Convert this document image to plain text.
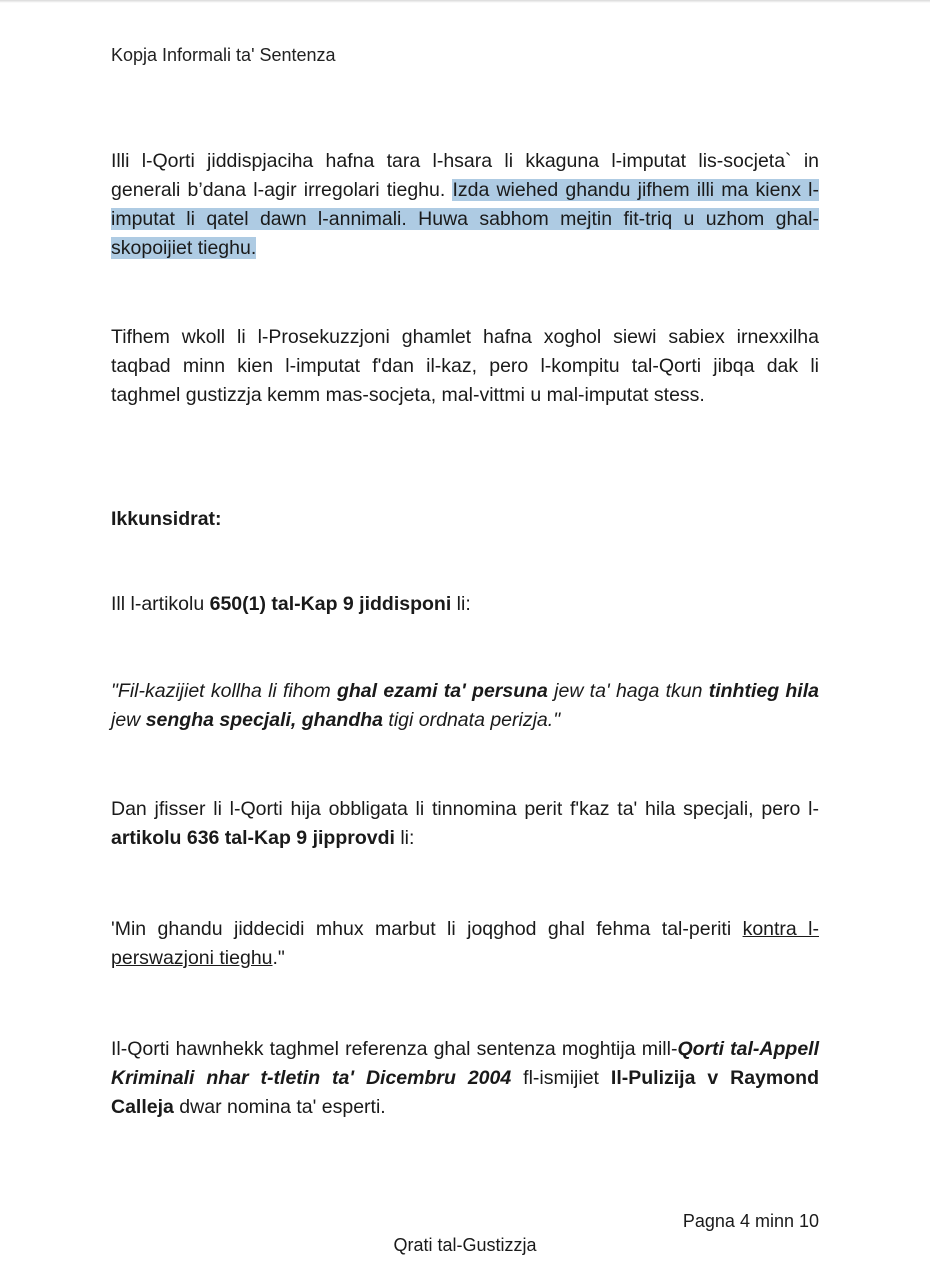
Kopja Informali ta' Sentenza

Illi l-Qorti jiddispjaciha hafna tara l-hsara li kkaguna l-imputat lis-socjeta` in generali b’dana l-agir irregolari tieghu. Izda wiehed ghandu jifhem illi ma kienx l-imputat li qatel dawn l-annimali. Huwa sabhom mejtin fit-triq u uzhom ghal-skopoijiet tieghu.

Tifhem wkoll li l-Prosekuzzjoni ghamlet hafna xoghol siewi sabiex irnexxilha taqbad minn kien l-imputat f'dan il-kaz, pero l-kompitu tal-Qorti jibqa dak li taghmel gustizzja kemm mas-socjeta, mal-vittmi u mal-imputat stess.

Ikkunsidrat:

Ill l-artikolu 650(1) tal-Kap 9 jiddisponi li:

"Fil-kazijiet kollha li fihom ghal ezami ta' persuna jew ta' haga tkun tinhtieg hila jew sengha specjali, ghandha tigi ordnata perizja."

Dan jfisser li l-Qorti hija obbligata li tinnomina perit f'kaz ta' hila specjali, pero l-artikolu 636 tal-Kap 9 jipprovdi li:

'Min ghandu jiddecidi mhux marbut li joqghod ghal fehma tal-periti kontra l-perswazjoni tieghu."

Il-Qorti hawnhekk taghmel referenza ghal sentenza moghtija mill-Qorti tal-Appell Kriminali nhar t-tletin ta' Dicembru 2004 fl-ismijiet Il-Pulizija v Raymond Calleja dwar nomina ta' esperti.

Pagna 4 minn 10
Qrati tal-Gustizzja
